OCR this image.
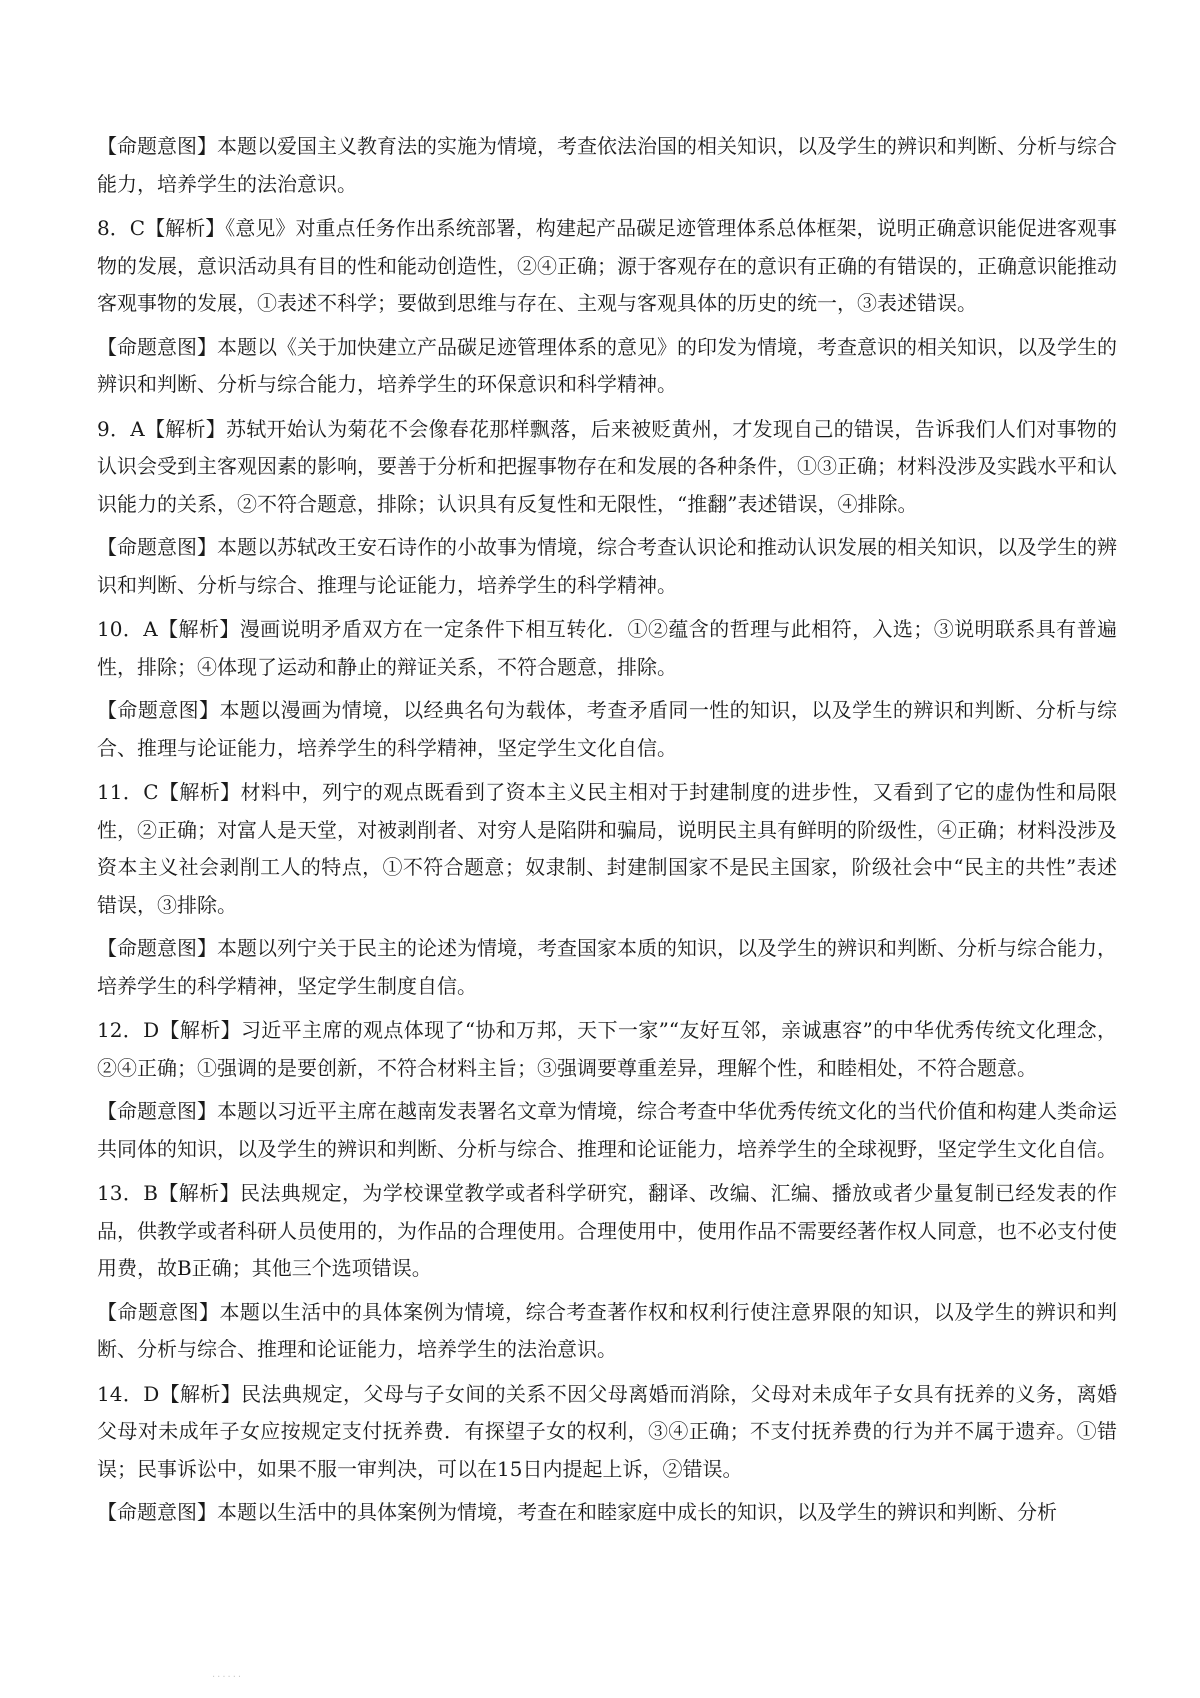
【命题意图】本题以爱国主义教育法的实施为情境，考查依法治国的相关知识，以及学生的辨识和判断、分析与综合能力，培养学生的法治意识。

8．C【解析】《意见》对重点任务作出系统部署，构建起产品碳足迹管理体系总体框架，说明正确意识能促进客观事物的发展，意识活动具有目的性和能动创造性，②④正确；源于客观存在的意识有正确的有错误的，正确意识能推动客观事物的发展，①表述不科学；要做到思维与存在、主观与客观具体的历史的统一，③表述错误。

【命题意图】本题以《关于加快建立产品碳足迹管理体系的意见》的印发为情境，考查意识的相关知识，以及学生的辨识和判断、分析与综合能力，培养学生的环保意识和科学精神。

9．A【解析】苏轼开始认为菊花不会像春花那样飘落，后来被贬黄州，才发现自己的错误，告诉我们人们对事物的认识会受到主客观因素的影响，要善于分析和把握事物存在和发展的各种条件，①③正确；材料没涉及实践水平和认识能力的关系，②不符合题意，排除；认识具有反复性和无限性，“推翻”表述错误，④排除。

【命题意图】本题以苏轼改王安石诗作的小故事为情境，综合考查认识论和推动认识发展的相关知识，以及学生的辨识和判断、分析与综合、推理与论证能力，培养学生的科学精神。

10．A【解析】漫画说明矛盾双方在一定条件下相互转化．①②蕴含的哲理与此相符，入选；③说明联系具有普遍性，排除；④体现了运动和静止的辩证关系，不符合题意，排除。

【命题意图】本题以漫画为情境，以经典名句为载体，考查矛盾同一性的知识，以及学生的辨识和判断、分析与综合、推理与论证能力，培养学生的科学精神，坚定学生文化自信。

11．C【解析】材料中，列宁的观点既看到了资本主义民主相对于封建制度的进步性，又看到了它的虚伪性和局限性，②正确；对富人是天堂，对被剥削者、对穷人是陷阱和骗局，说明民主具有鲜明的阶级性，④正确；材料没涉及资本主义社会剥削工人的特点，①不符合题意；奴隶制、封建制国家不是民主国家，阶级社会中“民主的共性”表述错误，③排除。

【命题意图】本题以列宁关于民主的论述为情境，考查国家本质的知识，以及学生的辨识和判断、分析与综合能力，培养学生的科学精神，坚定学生制度自信。

12．D【解析】习近平主席的观点体现了“协和万邦，天下一家”“友好互邻，亲诚惠容”的中华优秀传统文化理念，②④正确；①强调的是要创新，不符合材料主旨；③强调要尊重差异，理解个性，和睦相处，不符合题意。

【命题意图】本题以习近平主席在越南发表署名文章为情境，综合考查中华优秀传统文化的当代价值和构建人类命运共同体的知识，以及学生的辨识和判断、分析与综合、推理和论证能力，培养学生的全球视野，坚定学生文化自信。

13．B【解析】民法典规定，为学校课堂教学或者科学研究，翻译、改编、汇编、播放或者少量复制已经发表的作品，供教学或者科研人员使用的，为作品的合理使用。合理使用中，使用作品不需要经著作权人同意，也不必支付使用费，故B正确；其他三个选项错误。

【命题意图】本题以生活中的具体案例为情境，综合考查著作权和权利行使注意界限的知识，以及学生的辨识和判断、分析与综合、推理和论证能力，培养学生的法治意识。

14．D【解析】民法典规定，父母与子女间的关系不因父母离婚而消除，父母对未成年子女具有抚养的义务，离婚父母对未成年子女应按规定支付抚养费．有探望子女的权利，③④正确；不支付抚养费的行为并不属于遗弃。①错误；民事诉讼中，如果不服一审判决，可以在15日内提起上诉，②错误。

【命题意图】本题以生活中的具体案例为情境，考查在和睦家庭中成长的知识，以及学生的辨识和判断、分析

······
